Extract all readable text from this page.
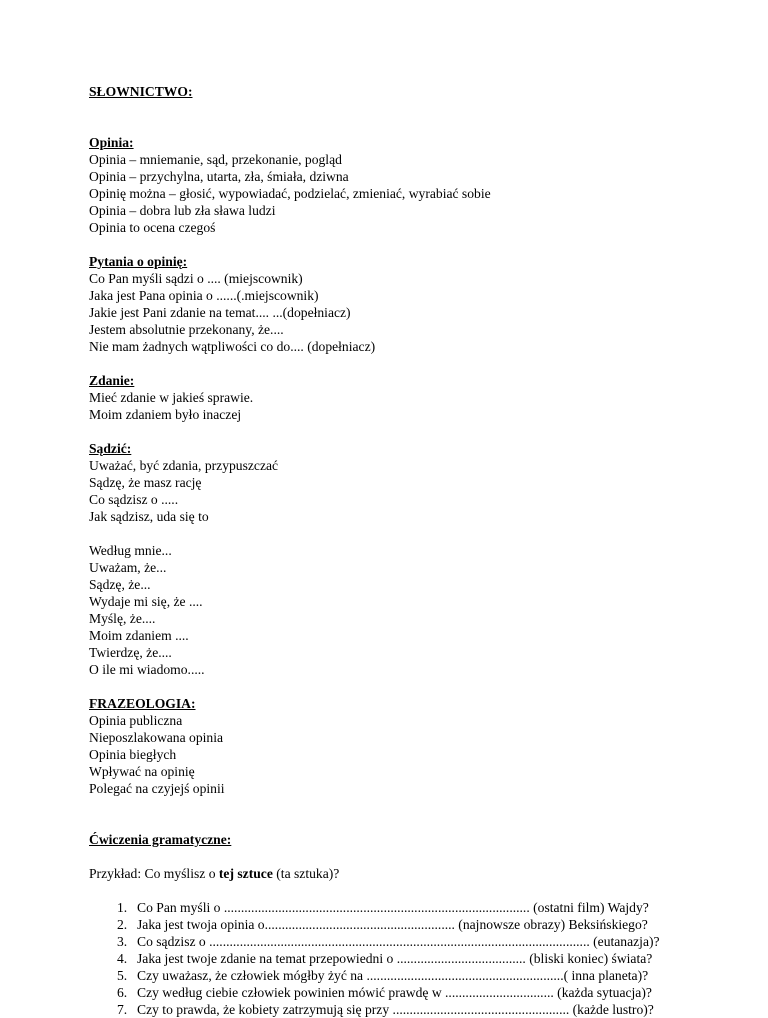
SŁOWNICTWO:
Opinia:
Opinia – mniemanie, sąd, przekonanie, pogląd
Opinia – przychylna, utarta, zła, śmiała, dziwna
Opinię można – głosić, wypowiadać, podzielać, zmieniać, wyrabiać sobie
Opinia – dobra lub zła sława ludzi
Opinia to ocena czegoś
Pytania o opinię:
Co Pan myśli sądzi o .... (miejscownik)
Jaka jest Pana opinia o ......(.miejscownik)
Jakie jest Pani zdanie na temat.... ...(dopełniacz)
Jestem absolutnie przekonany, że....
Nie mam żadnych wątpliwości co do.... (dopełniacz)
Zdanie:
Mieć zdanie w jakieś sprawie.
Moim zdaniem było inaczej
Sądzić:
Uważać, być zdania, przypuszczać
Sądzę, że masz rację
Co sądzisz o .....
Jak sądzisz, uda się to
Według mnie...
Uważam, że...
Sądzę, że...
Wydaje mi się, że ....
Myślę, że....
Moim zdaniem ....
Twierdzę, że....
O ile mi wiadomo.....
FRAZEOLOGIA:
Opinia publiczna
Nieposzlakowana opinia
Opinia biegłych
Wpływać na opinię
Polegać na czyjejś opinii
Ćwiczenia gramatyczne:
Przykład: Co myślisz o tej sztuce (ta sztuka)?
1. Co Pan myśli o .......................................................................................... (ostatni film) Wajdy?
2. Jaka jest twoja opinia o........................................................ (najnowsze obrazy) Beksińskiego?
3. Co sądzisz o ................................................................................................................ (eutanazja)?
4. Jaka jest twoje zdanie na temat przepowiedni o ...................................... (bliski koniec) świata?
5. Czy uważasz, że człowiek mógłby żyć na ..........................................................( inna planeta)?
6. Czy według ciebie człowiek powinien mówić prawdę w ................................ (każda sytuacja)?
7. Czy to prawda, że kobiety zatrzymują się przy .................................................... (każde lustro)?
